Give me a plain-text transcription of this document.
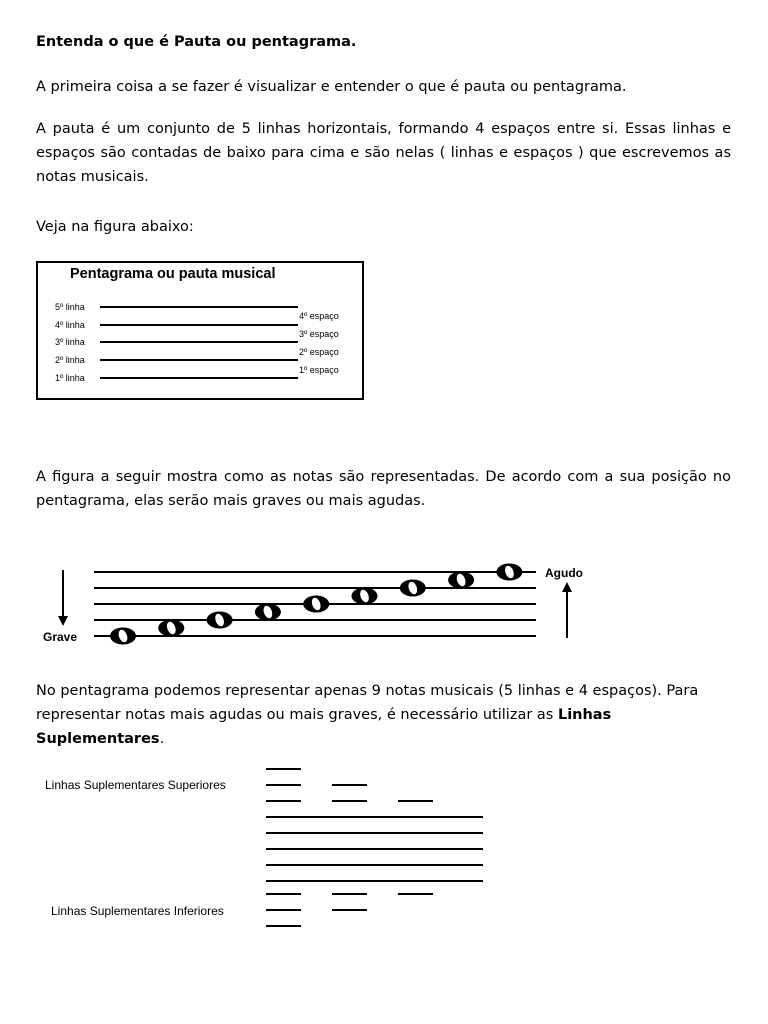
Entenda o que é Pauta ou pentagrama.
A primeira coisa a se fazer é visualizar e entender o que é pauta ou pentagrama.
A pauta é um conjunto de 5 linhas horizontais, formando 4 espaços entre si. Essas linhas e espaços são contadas de baixo para cima e são nelas ( linhas e espaços ) que escrevemos as notas musicais.
Veja na figura abaixo:
Pentagrama ou pauta musical
5º linha
4º linha
3º linha
2º linha
1º linha
4º espaço
3º espaço
2º espaço
1º espaço
A figura a seguir mostra como as notas são representadas. De acordo com a sua posição no pentagrama, elas serão mais graves ou mais agudas.
Grave
Agudo
No pentagrama podemos representar apenas 9 notas musicais (5 linhas e 4 espaços). Para representar notas mais agudas ou mais graves, é necessário utilizar as Linhas Suplementares.
Linhas Suplementares Superiores
Linhas Suplementares Inferiores
